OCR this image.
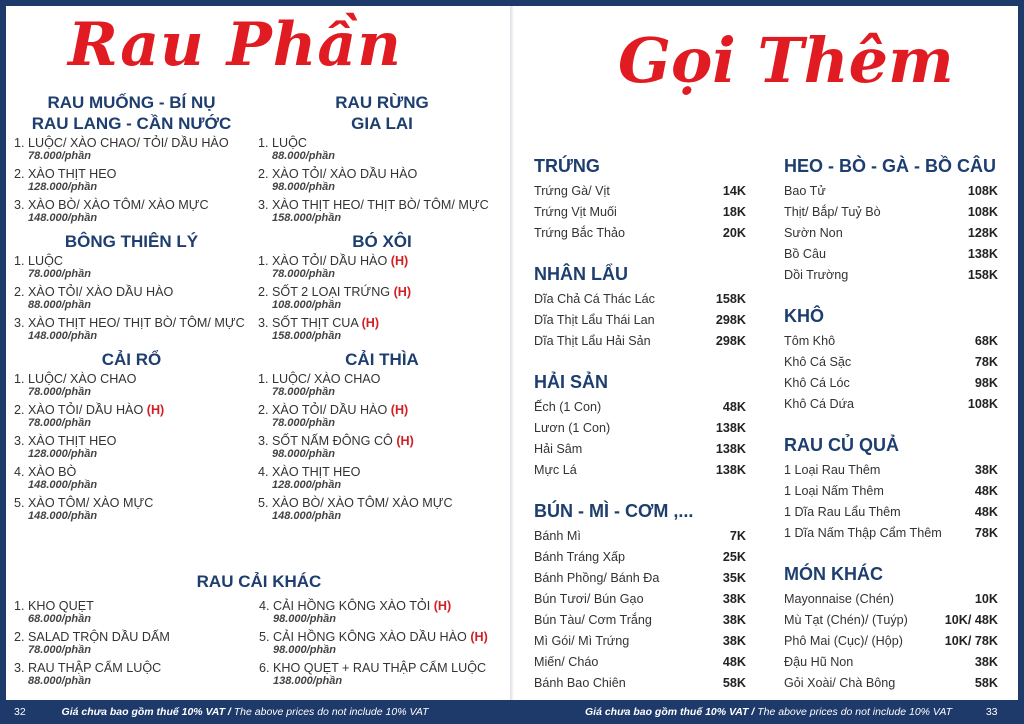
Rau Phần
RAU MUỐNG - BÍ NỤ
RAU LANG - CẦN NƯỚC
1. LUỘC/ XÀO CHAO/ TỎI/ DẦU HÀO
78.000/phần
2. XÀO THỊT HEO
128.000/phần
3. XÀO BÒ/ XÀO TÔM/ XÀO MỰC
148.000/phần
BÔNG THIÊN LÝ
1. LUỘC
78.000/phần
2. XÀO TỎI/ XÀO DẦU HÀO
88.000/phần
3. XÀO THỊT HEO/ THỊT BÒ/ TÔM/ MỰC
148.000/phần
CẢI RỔ
1. LUỘC/ XÀO CHAO
78.000/phần
2. XÀO TỎI/ DẦU HÀO (H)
78.000/phần
3. XÀO THỊT HEO
128.000/phần
4. XÀO BÒ
148.000/phần
5. XÀO TÔM/ XÀO MỰC
148.000/phần
RAU RỪNG
GIA LAI
1. LUỘC
88.000/phần
2. XÀO TỎI/ XÀO DẦU HÀO
98.000/phần
3. XÀO THỊT HEO/ THỊT BÒ/ TÔM/ MỰC
158.000/phần
BÓ XÔI
1. XÀO TỎI/ DẦU HÀO (H)
78.000/phần
2. SỐT 2 LOẠI TRỨNG (H)
108.000/phần
3. SỐT THỊT CUA (H)
158.000/phần
CẢI THÌA
1. LUỘC/ XÀO CHAO
78.000/phần
2. XÀO TỎI/ DẦU HÀO (H)
78.000/phần
3. SỐT NẤM ĐÔNG CÔ (H)
98.000/phần
4. XÀO THỊT HEO
128.000/phần
5. XÀO BÒ/ XÀO TÔM/ XÀO MỰC
148.000/phần
RAU CẢI KHÁC
1. KHO QUẸT
68.000/phần
2. SALAD TRỘN DẦU DẤM
78.000/phần
3. RAU THẬP CẨM LUỘC
88.000/phần
4. CẢI HỒNG KÔNG XÀO TỎI (H)
98.000/phần
5. CẢI HỒNG KÔNG XÀO DẦU HÀO (H)
98.000/phần
6. KHO QUẸT + RAU THẬP CẨM LUỘC
138.000/phần
Gọi Thêm
TRỨNG
Trứng Gà/ Vịt	14K
Trứng Vịt Muối	18K
Trứng Bắc Thảo	20K
NHÂN LẨU
Dĩa Chả Cá Thác Lác	158K
Dĩa Thịt Lẩu Thái Lan	298K
Dĩa Thịt Lẩu Hải Sản	298K
HẢI SẢN
Ếch (1 Con)	48K
Lươn (1 Con)	138K
Hải Sâm	138K
Mực Lá	138K
BÚN - MÌ - CƠM ,...
Bánh Mì	7K
Bánh Tráng Xấp	25K
Bánh Phồng/ Bánh Đa	35K
Bún Tươi/ Bún Gạo	38K
Bún Tàu/ Cơm Trắng	38K
Mì Gói/ Mì Trứng	38K
Miến/ Cháo	48K
Bánh Bao Chiên	58K
HEO - BÒ - GÀ - BỒ CÂU
Bao Tử	108K
Thịt/ Bắp/ Tuỷ Bò	108K
Sườn Non	128K
Bồ Câu	138K
Dồi Trường	158K
KHÔ
Tôm Khô	68K
Khô Cá Sặc	78K
Khô Cá Lóc	98K
Khô Cá Dứa	108K
RAU CỦ QUẢ
1 Loại Rau Thêm	38K
1 Loại Nấm Thêm	48K
1 Dĩa Rau Lẩu Thêm	48K
1 Dĩa Nấm Thập Cẩm Thêm	78K
MÓN KHÁC
Mayonnaise (Chén)	10K
Mù Tạt (Chén)/ (Tuýp)	10K/ 48K
Phô Mai (Cục)/ (Hộp)	10K/ 78K
Đậu Hũ Non	38K
Gỏi Xoài/ Chà Bông	58K
32	Giá chưa bao gồm thuế 10% VAT / The above prices do not include 10% VAT	Giá chưa bao gồm thuế 10% VAT / The above prices do not include 10% VAT	33
